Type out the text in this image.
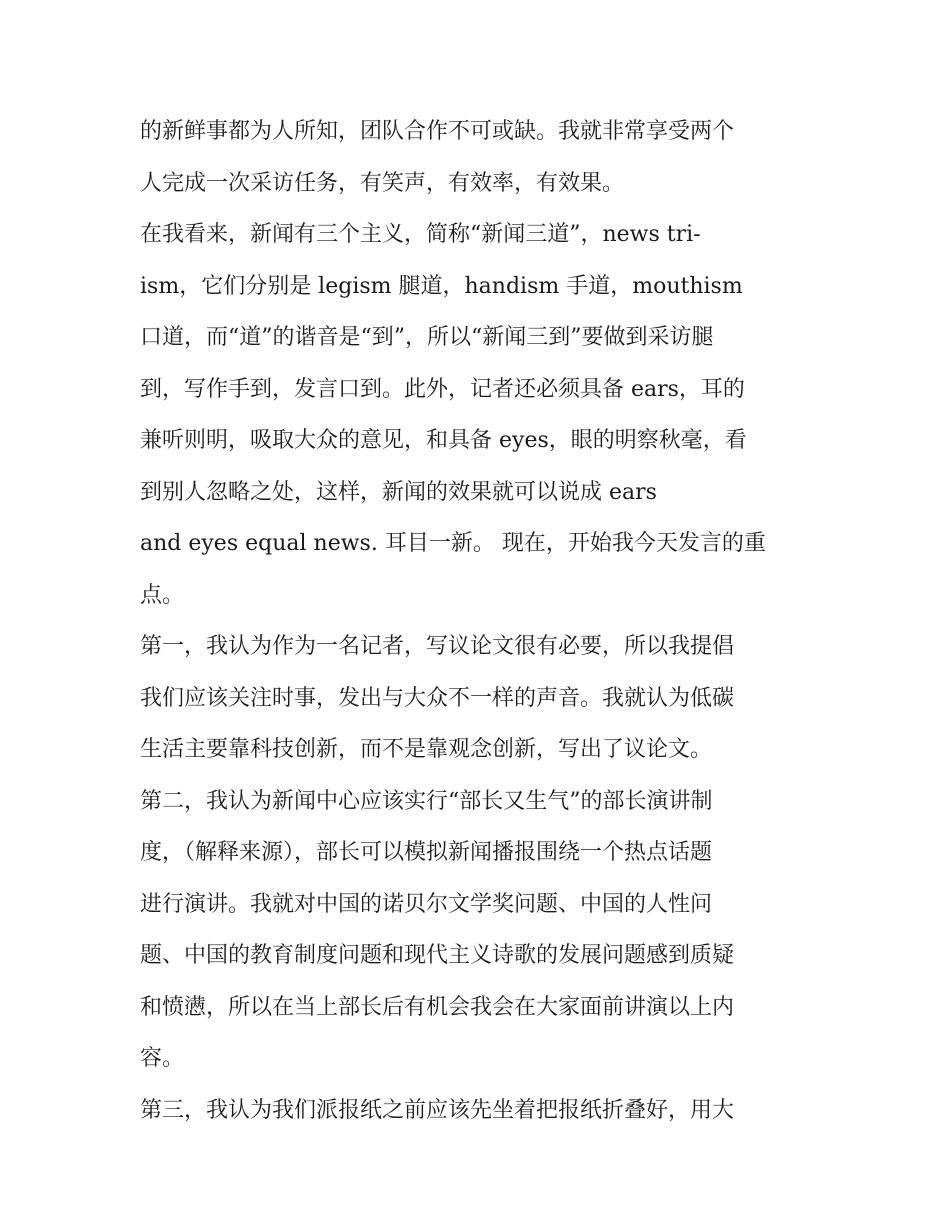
的新鲜事都为人所知，团队合作不可或缺。我就非常享受两个
人完成一次采访任务，有笑声，有效率，有效果。
在我看来，新闻有三个主义，简称“新闻三道”，news tri-
ism，它们分别是 legism 腿道，handism 手道，mouthism
口道，而“道”的谐音是“到”，所以“新闻三到”要做到采访腿
到，写作手到，发言口到。此外，记者还必须具备 ears，耳的
兼听则明，吸取大众的意见，和具备 eyes，眼的明察秋毫，看
到别人忽略之处，这样，新闻的效果就可以说成 ears
and eyes equal news. 耳目一新。 现在，开始我今天发言的重
点。
第一，我认为作为一名记者，写议论文很有必要，所以我提倡
我们应该关注时事，发出与大众不一样的声音。我就认为低碳
生活主要靠科技创新，而不是靠观念创新，写出了议论文。
第二，我认为新闻中心应该实行“部长又生气”的部长演讲制
度，（解释来源），部长可以模拟新闻播报围绕一个热点话题
进行演讲。我就对中国的诺贝尔文学奖问题、中国的人性问
题、中国的教育制度问题和现代主义诗歌的发展问题感到质疑
和愤懑，所以在当上部长后有机会我会在大家面前讲演以上内
容。
第三，我认为我们派报纸之前应该先坐着把报纸折叠好，用大
